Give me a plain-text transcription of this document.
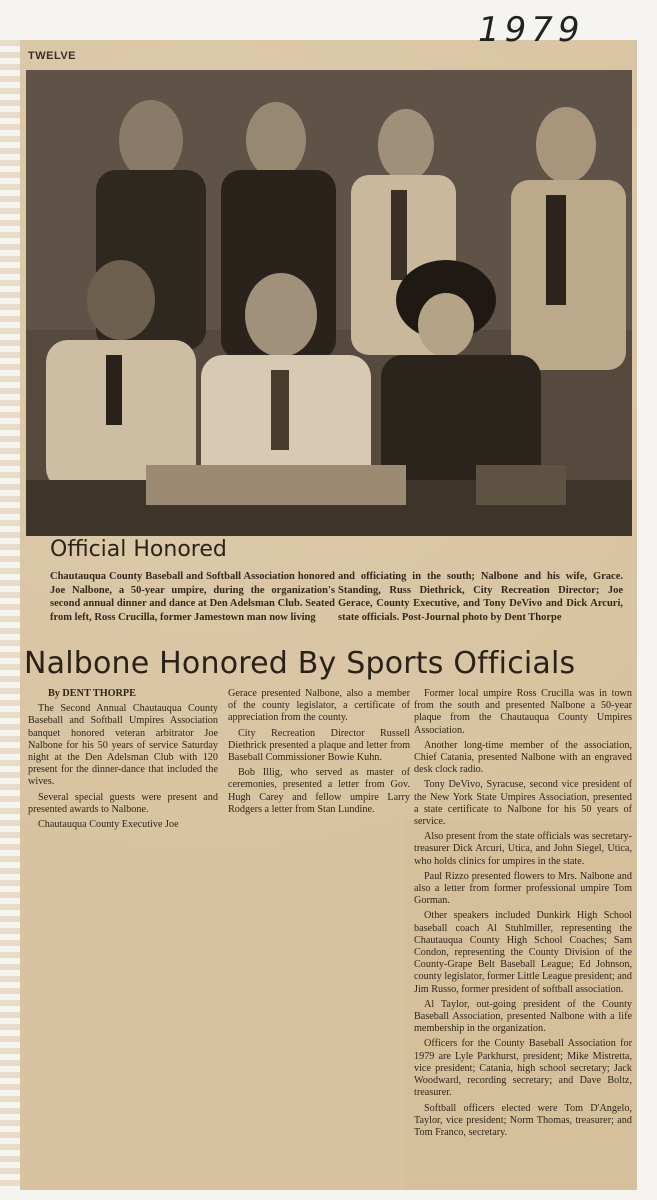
1979
TWELVE
Official Honored
Chautauqua County Baseball and Softball Association honored Joe Nalbone, a 50-year umpire, during the organization's second annual dinner and dance at Den Adelsman Club. Seated from left, Ross Crucilla, former Jamestown man now living
and officiating in the south; Nalbone and his wife, Grace. Standing, Russ Diethrick, City Recreation Director; Joe Gerace, County Executive, and Tony DeVivo and Dick Arcuri, state officials. Post-Journal photo by Dent Thorpe
Nalbone Honored By Sports Officials

By DENT THORPE

The Second Annual Chautauqua County Baseball and Softball Umpires Association banquet honored veteran arbitrator Joe Nalbone for his 50 years of service Saturday night at the Den Adelsman Club with 120 present for the dinner-dance that included the wives.

Several special guests were present and presented awards to Nalbone.

Chautauqua County Executive Joe

Gerace presented Nalbone, also a member of the county legislator, a certificate of appreciation from the county.

City Recreation Director Russell Diethrick presented a plaque and letter from Baseball Commissioner Bowie Kuhn.

Bob Illig, who served as master of ceremonies, presented a letter from Gov. Hugh Carey and fellow umpire Larry Rodgers a letter from Stan Lundine.

Former local umpire Ross Crucilla was in town from the south and presented Nalbone a 50-year plaque from the Chautauqua County Umpires Association.

Another long-time member of the association, Chief Catania, presented Nalbone with an engraved desk clock radio.

Tony DeVivo, Syracuse, second vice president of the New York State Umpires Association, presented a state certificate to Nalbone for his 50 years of service.

Also present from the state officials was secretary-treasurer Dick Arcuri, Utica, and John Siegel, Utica, who holds clinics for umpires in the state.

Paul Rizzo presented flowers to Mrs. Nalbone and also a letter from former professional umpire Tom Gorman.

Other speakers included Dunkirk High School baseball coach Al Stuhlmiller, representing the Chautauqua County High School Coaches; Sam Condon, representing the County Division of the County-Grape Belt Baseball League; Ed Johnson, county legislator, former Little League president; and Jim Russo, former president of softball association.

Al Taylor, out-going president of the County Baseball Association, presented Nalbone with a life membership in the organization.

Officers for the County Baseball Association for 1979 are Lyle Parkhurst, president; Mike Mistretta, vice president; Catania, high school secretary; Jack Woodward, recording secretary; and Dave Boltz, treasurer.

Softball officers elected were Tom D'Angelo, Taylor, vice president; Norm Thomas, treasurer; and Tom Franco, secretary.
